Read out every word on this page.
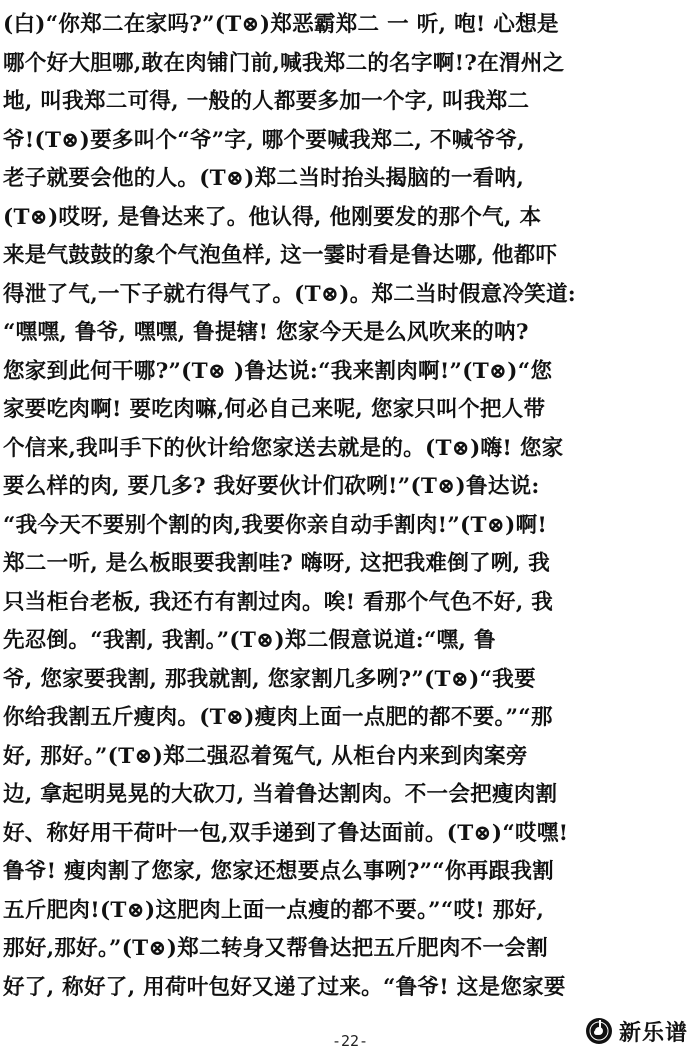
(白)“你郑二在家吗?”(T⊗)郑恶霸郑二 一 听, 咆! 心想是
哪个好大胆哪,敢在肉铺门前,喊我郑二的名字啊!?在渭州之
地, 叫我郑二可得, 一般的人都要多加一个字, 叫我郑二
爷!(T⊗)要多叫个“爷”字, 哪个要喊我郑二, 不喊爷爷,
老子就要会他的人。(T⊗)郑二当时抬头揭脑的一看呐,
(T⊗)哎呀, 是鲁达来了。他认得, 他刚要发的那个气, 本
来是气鼓鼓的象个气泡鱼样, 这一霎时看是鲁达哪, 他都吓
得泄了气,一下子就冇得气了。(T⊗)。郑二当时假意冷笑道:
“嘿嘿, 鲁爷, 嘿嘿, 鲁提辖! 您家今天是么风吹来的呐?
您家到此何干哪?”(T⊗ )鲁达说:“我来割肉啊!”(T⊗)“您
家要吃肉啊! 要吃肉嘛,何必自己来呢, 您家只叫个把人带
个信来,我叫手下的伙计给您家送去就是的。(T⊗)嗨! 您家
要么样的肉, 要几多? 我好要伙计们砍咧!”(T⊗)鲁达说:
“我今天不要别个割的肉,我要你亲自动手割肉!”(T⊗)啊!
郑二一听, 是么板眼要我割哇? 嗨呀, 这把我难倒了咧, 我
只当柜台老板, 我还冇有割过肉。唉! 看那个气色不好, 我
先忍倒。“我割, 我割。”(T⊗)郑二假意说道:“嘿, 鲁
爷, 您家要我割, 那我就割, 您家割几多咧?”(T⊗)“我要
你给我割五斤瘦肉。(T⊗)瘦肉上面一点肥的都不要。”“那
好, 那好。”(T⊗)郑二强忍着冤气, 从柜台内来到肉案旁
边, 拿起明晃晃的大砍刀, 当着鲁达割肉。不一会把瘦肉割
好、称好用干荷叶一包,双手递到了鲁达面前。(T⊗)“哎嘿!
鲁爷! 瘦肉割了您家, 您家还想要点么事咧?”“你再跟我割
五斤肥肉!(T⊗)这肥肉上面一点瘦的都不要。”“哎! 那好,
那好,那好。”(T⊗)郑二转身又帮鲁达把五斤肥肉不一会割
好了, 称好了, 用荷叶包好又递了过来。“鲁爷! 这是您家要
-22-	新乐谱
